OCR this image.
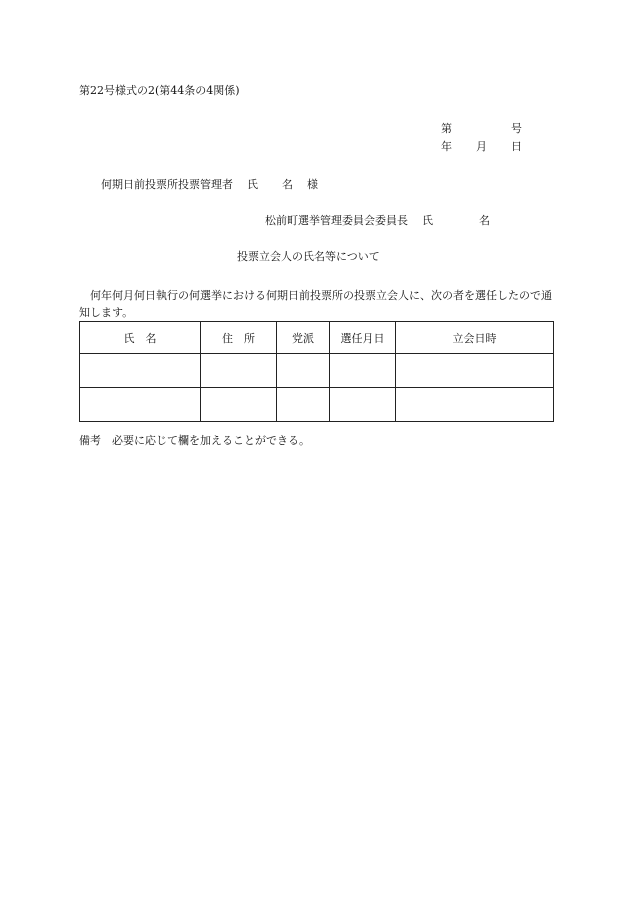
第22号様式の2(第44条の4関係)
第	号
年 月 日
何期日前投票所投票管理者 氏 名 様
松前町選挙管理委員会委員長 氏	名
投票立会人の氏名等について
何年何月何日執行の何選挙における何期日前投票所の投票立会人に、次の者を選任したので通知します。
氏　名	住　所	党派	選任月日	立会日時

備考　必要に応じて欄を加えることができる。
